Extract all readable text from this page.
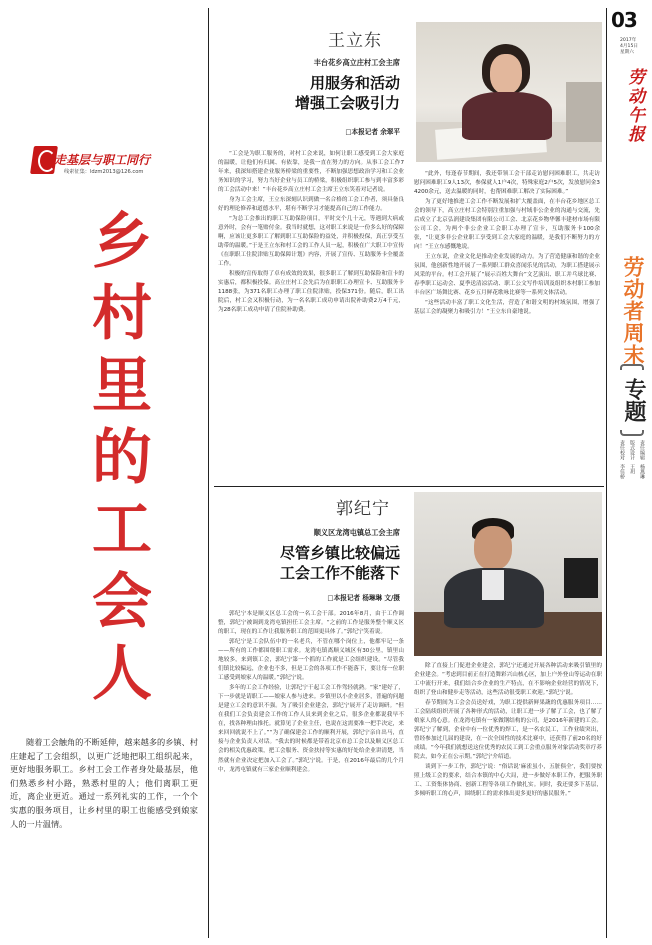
03
2017年
4月15日
星期六
劳动午报
劳动者周末
专题
责任编辑
杨燕琳
版式设计
王玥
责任校对
李佳桥
走基层与职工同行
线索征集：ldzm2013@126.com
乡
村
里
的
工
会
人
随着工会触角的不断延伸，越来越多的乡镇、村庄建起了工会组织，以更广泛地把职工组织起来，更好地服务职工。乡村工会工作者身处最基层，他们熟悉乡村小路，熟悉村里的人；他们离职工更近，离企业更近。通过一系列礼实的工作，一个个实惠的服务项目，让乡村里的职工也能感受到娘家人的一片温情。
王立东
丰台花乡高立庄村工会主席
用服务和活动
增强工会吸引力
□本报记者 余翠平

“工会是为职工服务的，对村工会来说，如何让职工感受到工会大家庭的温暖，让他们有归属、有依靠，是我一直在努力的方向。从事工会工作7年来，我深知搭建企业服务桥梁的重要性，不断加强思想政治学习和工会业务知识的学习，努力当好企业与员工的桥梁，积极组织职工参与到丰富多彩的工会活动中来！”丰台花乡高立庄村工会主席王立东笑着对记者说。

身为工会主席，王立东深刻认识到做一名合格的工会工作者，须具备良好的理论修养和道德水平，堪有不断学习才能提高自己的工作能力。

“为总工会推出的职工互助保险项目，平时交个几十元，等遇到大病或意外时，会有一笔赔付金。我当时就想，这对职工来说是一份多么好的保障啊，应该让更多职工了解到职工互助保险的益处，并积极投保，真正享受互助带的温暖。”于是王立东和村工会的工作人员一起，积极在广大职工中宣传《在职职工住院津贴互助保障计划》内容，开展了宣传、互助服务卡全覆盖工作。

积极的宣传取得了卓有成效的效果，很多职工了解到互助保险和宣卡的实惠后，都积极投保。高立庄村工会先后为在职职工办理宣卡、互助服务卡1188张，为371名职工办理了职工住院津贴，投保371份。随后，职工出院后，村工会又积极行动，为一名名职工成功申请出院补助费2万4千元，为28名职工成功申请了住院补助费。

“此外，每逢春节期间，我还带领工会干部走访慰问困难职工，共走访慰问困难职工9人13次，参保就人1户4次，特殊家庭2户5次，发放慰问金34200余元，送去温暖的同时，也帮困难职工解决了实际困难。”

为了更好地推进工会工作不断发展和扩大覆盖面，在丰台花乡地区总工会的领导下，高立庄村工会特别注重加强与村域非公企业的沟通与交流，先后成立了北京弘润建设集团有限公司工会、北京花乡物华馨丰建材市场有限公司工会，为两个非公企业工会职工办理了宣卡，互助服务卡100余张，“让更多非公企业职工享受到工会大家庭的温暖，是我们不断努力的方向！”王立东感慨地说。

王立东说，企业文化是推动企业发展的动力。为了营造健康和谐的企业氛围，他创新性地开展了一系列职工群众喜闻乐见的活动，为职工搭建展示风采的平台。村工会开展了“展示百姓大舞台”文艺演出、职工并乓球比赛、春季职工运动会、夏季送清凉活动、职工公文写作培训及组织本村职工参加丰台区广场舞比赛、花乡五月鲜花歌咏比赛等一系列文体活动。

“这些活动丰富了职工文化生活，营造了和谐文明的村域氛围，增强了基层工会的凝聚力和吸引力！”王立东自豪地说。

郭纪宁
顺义区龙湾屯镇总工会主席
尽管乡镇比较偏远
工会工作不能落下
□本报记者 杨琳琳 文/摄

郭纪宁本是顺义区总工会的一名工会干部。2016年8月，由于工作调整，郭纪宁被调到龙湾屯镇担任工会主席。“之前的工作是服务整个顺义区的职工，现在的工作让我服务职工的范围更具体了。”郭纪宁笑着说。

郭纪宁是工会队伍中的一名老兵，不管在哪个岗位上，他都牢记一条——所有的工作都围绕职工需求。龙湾屯镇离顺义城区有30公里，镇里山地较多，来到镇工会，郭纪宁第一个抓的工作就是工会组织建设。“尽管我们镇比较偏远，企业也不多，但是工会的各项工作不能落下，要让每一位职工感受到娘家人的温暖。”郭纪宁说。

多年的工会工作经验，让郭纪宁干起工会工作驾轻就熟。“家”建好了，下一步就是请职工——娘家人参与进来。乡镇里以小企业居多，普遍的问题是建立工会的意识不强。为了吸引企业建会，郭纪宁展开了走访调研。“但在我们工会负责建会工作的工作人员来到企业之后，很多企业都说我早不在，找各种理由推托。就算见了企业主任，也说在这需要准一把手决定，来来回回就说不上了。”“为了确保建会工作的顺利开展，郭纪宁亲自出马，直接与企业负责人对话。“我去的时候都是带着北京市总工会以及顺义区总工会的相关优惠政策，把工会服务、资金扶持等实惠的好处给企业讲清楚，当然就有企业决定把加入工会了。”郭纪宁说。于是，在2016年最后的几个月中，龙湾屯镇就有三家企业顺利建会。

除了直接上门促进企业建会，郭纪宁还通过开展各种活动来吸引镇里的企业建会。“考虑到目前正在打造舞彩兴山核心区，加上户外登山等运动在职工中流行开来，我们结合乡企业的生产特点，在不影响企业经营的情况下，组织了登山和健步走等活动，这些活动很受职工欢迎。”郭纪宁说。

春节期间为工会会员送好戏，为职工提供新鲜果蔬的优惠服务项目……工会陆续组织开展了各种形式的活动，让职工进一步了解了工会，也了解了娘家人的心意。在龙湾屯镇有一家做钢结构的公司，是2016年新建的工会。郭纪宁了解到，企业中有一位优秀的焊工，是一名农民工，工作业绩突出，曾经参加过几届的建设，在一次全国性的技术比赛中，还获得了前20名的好成绩。“今年我们就想送这位优秀的农民工到工会重点服务对象活动奖章疗养院去，如今正在公示期。”郭纪宁介绍道。

谈到下一步工作，郭纪宁说：“俗话说‘麻雀虽小，五脏俱全’，我们要按照上级工会的要求，结合本镇的中心大局，进一步做好本职工作，把服务职工、工资集体协商、创新工程等各项工作做扎实。同时，我还要多下基层，多倾听职工的心声，围绕职工的需求推出更多更好的惠民服务。”
